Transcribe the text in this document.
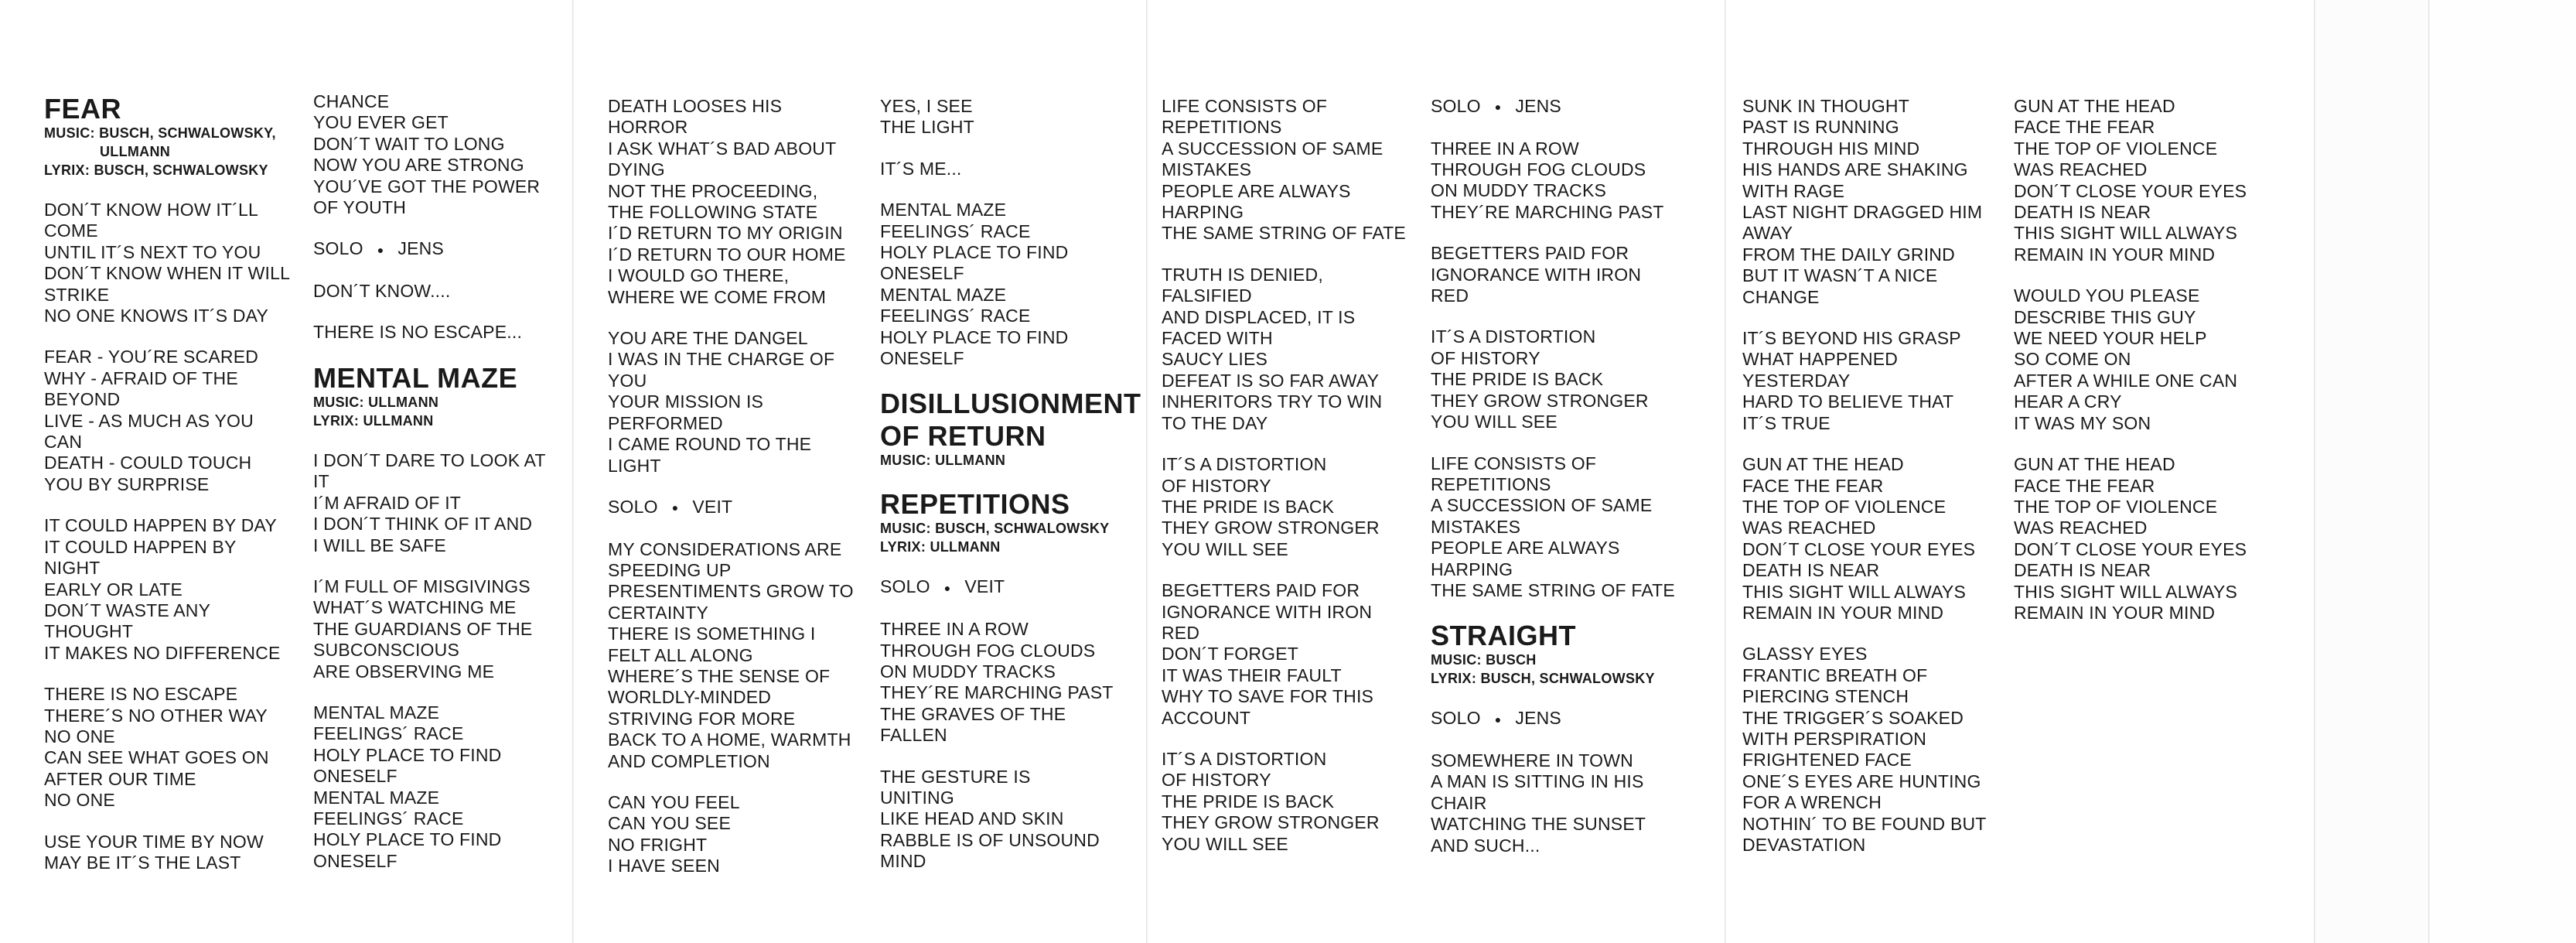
FEAR
MUSIC: BUSCH, SCHWALOWSKY,
ULLMANN
LYRIX: BUSCH, SCHWALOWSKY
DON´T KNOW HOW IT´LL
COME
UNTIL IT´S NEXT TO YOU
DON´T KNOW WHEN IT WILL
STRIKE
NO ONE KNOWS IT´S DAY
FEAR - YOU´RE SCARED
WHY - AFRAID OF THE
BEYOND
LIVE - AS MUCH AS YOU
CAN
DEATH - COULD TOUCH
YOU BY SURPRISE
IT COULD HAPPEN BY DAY
IT COULD HAPPEN BY
NIGHT
EARLY OR LATE
DON´T WASTE ANY
THOUGHT
IT MAKES NO DIFFERENCE
THERE IS NO ESCAPE
THERE´S NO OTHER WAY
NO ONE
CAN SEE WHAT GOES ON
AFTER OUR TIME
NO ONE
USE YOUR TIME BY NOW
MAY BE IT´S THE LAST
CHANCE
YOU EVER GET
DON´T WAIT TO LONG
NOW YOU ARE STRONG
YOU´VE GOT THE POWER
OF YOUTH
SOLO ● JENS
DON´T KNOW....
THERE IS NO ESCAPE...
MENTAL MAZE
MUSIC: ULLMANN
LYRIX: ULLMANN
I DON´T DARE TO LOOK AT
IT
I´M AFRAID OF IT
I DON´T THINK OF IT AND
I WILL BE SAFE
I´M FULL OF MISGIVINGS
WHAT´S WATCHING ME
THE GUARDIANS OF THE
SUBCONSCIOUS
ARE OBSERVING ME
MENTAL MAZE
FEELINGS´ RACE
HOLY PLACE TO FIND
ONESELF
MENTAL MAZE
FEELINGS´ RACE
HOLY PLACE TO FIND
ONESELF
DEATH LOOSES HIS
HORROR
I ASK WHAT´S BAD ABOUT
DYING
NOT THE PROCEEDING,
THE FOLLOWING STATE
I´D RETURN TO MY ORIGIN
I´D RETURN TO OUR HOME
I WOULD GO THERE,
WHERE WE COME FROM
YOU ARE THE DANGEL
I WAS IN THE CHARGE OF
YOU
YOUR MISSION IS
PERFORMED
I CAME ROUND TO THE
LIGHT
SOLO ● VEIT
MY CONSIDERATIONS ARE
SPEEDING UP
PRESENTIMENTS GROW TO
CERTAINTY
THERE IS SOMETHING I
FELT ALL ALONG
WHERE´S THE SENSE OF
WORLDLY-MINDED
STRIVING FOR MORE
BACK TO A HOME, WARMTH
AND COMPLETION
CAN YOU FEEL
CAN YOU SEE
NO FRIGHT
I HAVE SEEN
YES, I SEE
THE LIGHT
IT´S ME...
MENTAL MAZE
FEELINGS´ RACE
HOLY PLACE TO FIND
ONESELF
MENTAL MAZE
FEELINGS´ RACE
HOLY PLACE TO FIND
ONESELF
DISILLUSIONMENT
OF RETURN
MUSIC: ULLMANN
REPETITIONS
MUSIC: BUSCH, SCHWALOWSKY
LYRIX: ULLMANN
SOLO ● VEIT
THREE IN A ROW
THROUGH FOG CLOUDS
ON MUDDY TRACKS
THEY´RE MARCHING PAST
THE GRAVES OF THE
FALLEN
THE GESTURE IS
UNITING
LIKE HEAD AND SKIN
RABBLE IS OF UNSOUND
MIND
LIFE CONSISTS OF
REPETITIONS
A SUCCESSION OF SAME
MISTAKES
PEOPLE ARE ALWAYS
HARPING
THE SAME STRING OF FATE
TRUTH IS DENIED,
FALSIFIED
AND DISPLACED, IT IS
FACED WITH
SAUCY LIES
DEFEAT IS SO FAR AWAY
INHERITORS TRY TO WIN
TO THE DAY
IT´S A DISTORTION
OF HISTORY
THE PRIDE IS BACK
THEY GROW STRONGER
YOU WILL SEE
BEGETTERS PAID FOR
IGNORANCE WITH IRON
RED
DON´T FORGET
IT WAS THEIR FAULT
WHY TO SAVE FOR THIS
ACCOUNT
IT´S A DISTORTION
OF HISTORY
THE PRIDE IS BACK
THEY GROW STRONGER
YOU WILL SEE
SOLO ● JENS
THREE IN A ROW
THROUGH FOG CLOUDS
ON MUDDY TRACKS
THEY´RE MARCHING PAST
BEGETTERS PAID FOR
IGNORANCE WITH IRON
RED
IT´S A DISTORTION
OF HISTORY
THE PRIDE IS BACK
THEY GROW STRONGER
YOU WILL SEE
LIFE CONSISTS OF
REPETITIONS
A SUCCESSION OF SAME
MISTAKES
PEOPLE ARE ALWAYS
HARPING
THE SAME STRING OF FATE
STRAIGHT
MUSIC: BUSCH
LYRIX: BUSCH, SCHWALOWSKY
SOLO ● JENS
SOMEWHERE IN TOWN
A MAN IS SITTING IN HIS
CHAIR
WATCHING THE SUNSET
AND SUCH...
SUNK IN THOUGHT
PAST IS RUNNING
THROUGH HIS MIND
HIS HANDS ARE SHAKING
WITH RAGE
LAST NIGHT DRAGGED HIM
AWAY
FROM THE DAILY GRIND
BUT IT WASN´T A NICE
CHANGE
IT´S BEYOND HIS GRASP
WHAT HAPPENED
YESTERDAY
HARD TO BELIEVE THAT
IT´S TRUE
GUN AT THE HEAD
FACE THE FEAR
THE TOP OF VIOLENCE
WAS REACHED
DON´T CLOSE YOUR EYES
DEATH IS NEAR
THIS SIGHT WILL ALWAYS
REMAIN IN YOUR MIND
GLASSY EYES
FRANTIC BREATH OF
PIERCING STENCH
THE TRIGGER´S SOAKED
WITH PERSPIRATION
FRIGHTENED FACE
ONE´S EYES ARE HUNTING
FOR A WRENCH
NOTHIN´ TO BE FOUND BUT
DEVASTATION
GUN AT THE HEAD
FACE THE FEAR
THE TOP OF VIOLENCE
WAS REACHED
DON´T CLOSE YOUR EYES
DEATH IS NEAR
THIS SIGHT WILL ALWAYS
REMAIN IN YOUR MIND
WOULD YOU PLEASE
DESCRIBE THIS GUY
WE NEED YOUR HELP
SO COME ON
AFTER A WHILE ONE CAN
HEAR A CRY
IT WAS MY SON
GUN AT THE HEAD
FACE THE FEAR
THE TOP OF VIOLENCE
WAS REACHED
DON´T CLOSE YOUR EYES
DEATH IS NEAR
THIS SIGHT WILL ALWAYS
REMAIN IN YOUR MIND
